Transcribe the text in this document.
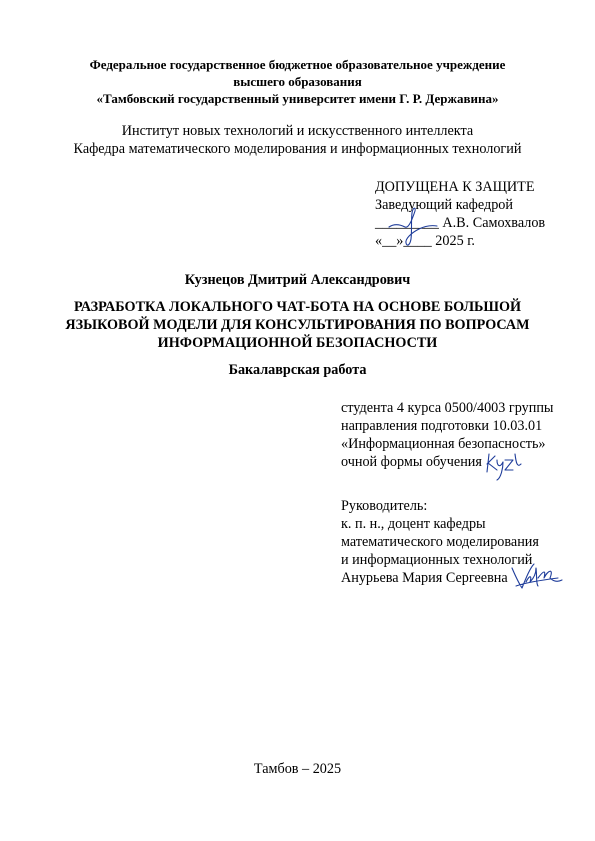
Федеральное государственное бюджетное образовательное учреждение
высшего образования
«Тамбовский государственный университет имени Г. Р. Державина»
Институт новых технологий и искусственного интеллекта
Кафедра математического моделирования и информационных технологий
ДОПУЩЕНА К ЗАЩИТЕ
Заведующий кафедрой
_________ А.В. Самохвалов
«__»____ 2025 г.
Кузнецов Дмитрий Александрович
РАЗРАБОТКА ЛОКАЛЬНОГО ЧАТ-БОТА НА ОСНОВЕ БОЛЬШОЙ
ЯЗЫКОВОЙ МОДЕЛИ ДЛЯ КОНСУЛЬТИРОВАНИЯ ПО ВОПРОСАМ
ИНФОРМАЦИОННОЙ БЕЗОПАСНОСТИ
Бакалаврская работа
студента 4 курса 0500/4003 группы
направления подготовки 10.03.01
«Информационная безопасность»
очной формы обучения
Руководитель:
к. п. н., доцент кафедры
математического моделирования
и информационных технологий
Анурьева Мария Сергеевна
Тамбов – 2025
